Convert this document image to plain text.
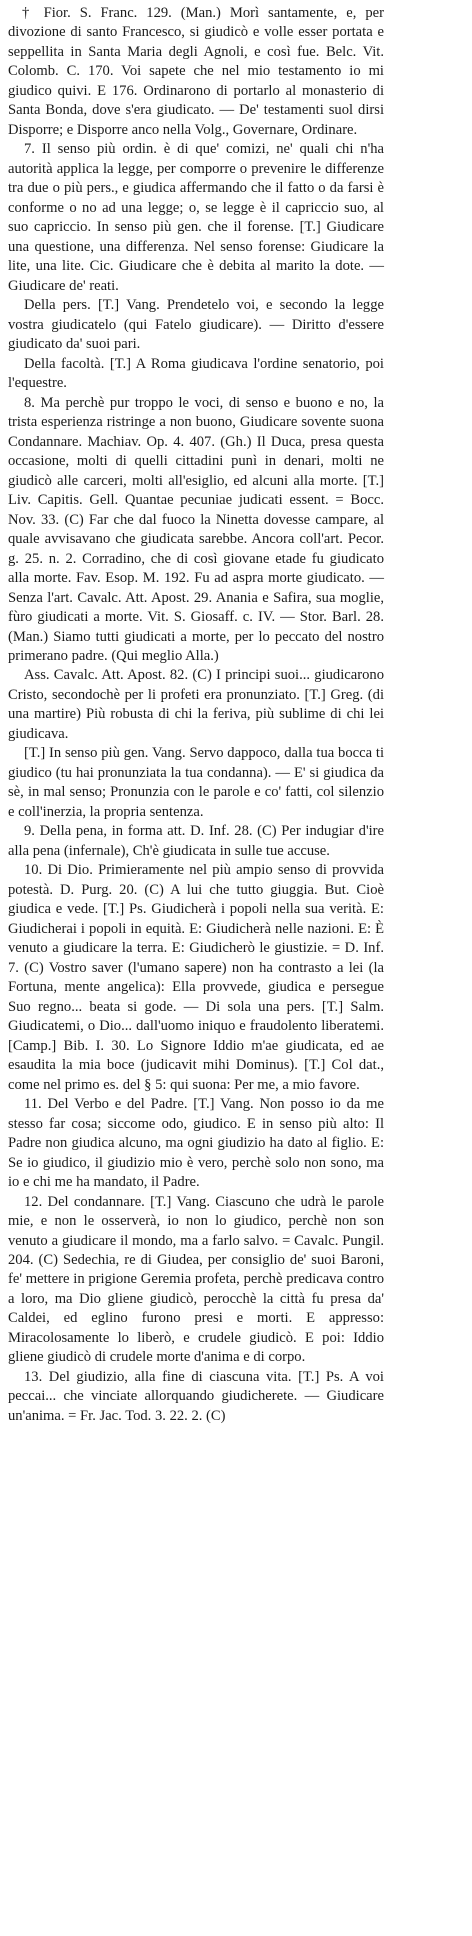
† Fior. S. Franc. 129. (Man.) Morì santamente, e, per divozione di santo Francesco, si giudicò e volle esser portata e seppellita in Santa Maria degli Agnoli, e così fue. Belc. Vit. Colomb. C. 170. Voi sapete che nel mio testamento io mi giudico quivi. E 176. Ordinarono di portarlo al monasterio di Santa Bonda, dove s'era giudicato. — De' testamenti suol dirsi Disporre; e Disporre anco nella Volg., Governare, Ordinare.

7. Il senso più ordin. è di que' comizi, ne' quali chi n'ha autorità applica la legge, per comporre o prevenire le differenze tra due o più pers., e giudica affermando che il fatto o da farsi è conforme o no ad una legge; o, se legge è il capriccio suo, al suo capriccio. In senso più gen. che il forense. [T.] Giudicare una questione, una differenza. Nel senso forense: Giudicare la lite, una lite. Cic. Giudicare che è debita al marito la dote. — Giudicare de' reati.

Della pers. [T.] Vang. Prendetelo voi, e secondo la legge vostra giudicatelo (qui Fatelo giudicare). — Diritto d'essere giudicato da' suoi pari.

Della facoltà. [T.] A Roma giudicava l'ordine senatorio, poi l'equestre.

8. Ma perchè pur troppo le voci, di senso e buono e no, la trista esperienza ristringe a non buono, Giudicare sovente suona Condannare. Machiav. Op. 4. 407. (Gh.) Il Duca, presa questa occasione, molti di quelli cittadini punì in denari, molti ne giudicò alle carceri, molti all'esiglio, ed alcuni alla morte. [T.] Liv. Capitis. Gell. Quantae pecuniae judicati essent. = Bocc. Nov. 33. (C) Far che dal fuoco la Ninetta dovesse campare, al quale avvisavano che giudicata sarebbe. Ancora coll'art. Pecor. g. 25. n. 2. Corradino, che di così giovane etade fu giudicato alla morte. Fav. Esop. M. 192. Fu ad aspra morte giudicato. — Senza l'art. Cavalc. Att. Apost. 29. Anania e Safira, sua moglie, fùro giudicati a morte. Vit. S. Giosaff. c. IV. — Stor. Barl. 28. (Man.) Siamo tutti giudicati a morte, per lo peccato del nostro primerano padre. (Qui meglio Alla.)

Ass. Cavalc. Att. Apost. 82. (C) I principi suoi... giudicarono Cristo, secondochè per li profeti era pronunziato. [T.] Greg. (di una martire) Più robusta di chi la feriva, più sublime di chi lei giudicava.

[T.] In senso più gen. Vang. Servo dappoco, dalla tua bocca ti giudico (tu hai pronunziata la tua condanna). — E' si giudica da sè, in mal senso; Pronunzia con le parole e co' fatti, col silenzio e coll'inerzia, la propria sentenza.

9. Della pena, in forma att. D. Inf. 28. (C) Per indugiar d'ire alla pena (infernale), Ch'è giudicata in sulle tue accuse.

10. Di Dio. Primieramente nel più ampio senso di provvida potestà. D. Purg. 20. (C) A lui che tutto giuggia. But. Cioè giudica e vede. [T.] Ps. Giudicherà i popoli nella sua verità. E: Giudicherai i popoli in equità. E: Giudicherà nelle nazioni. E: È venuto a giudicare la terra. E: Giudicherò le giustizie. = D. Inf. 7. (C) Vostro saver (l'umano sapere) non ha contrasto a lei (la Fortuna, mente angelica): Ella provvede, giudica e persegue Suo regno... beata si gode. — Di sola una pers. [T.] Salm. Giudicatemi, o Dio... dall'uomo iniquo e fraudolento liberatemi. [Camp.] Bib. I. 30. Lo Signore Iddio m'ae giudicata, ed ae esaudita la mia boce (judicavit mihi Dominus). [T.] Col dat., come nel primo es. del § 5: qui suona: Per me, a mio favore.

11. Del Verbo e del Padre. [T.] Vang. Non posso io da me stesso far cosa; siccome odo, giudico. E in senso più alto: Il Padre non giudica alcuno, ma ogni giudizio ha dato al figlio. E: Se io giudico, il giudizio mio è vero, perchè solo non sono, ma io e chi me ha mandato, il Padre.

12. Del condannare. [T.] Vang. Ciascuno che udrà le parole mie, e non le osserverà, io non lo giudico, perchè non son venuto a giudicare il mondo, ma a farlo salvo. = Cavalc. Pungil. 204. (C) Sedechia, re di Giudea, per consiglio de' suoi Baroni, fe' mettere in prigione Geremia profeta, perchè predicava contro a loro, ma Dio gliene giudicò, perocchè la città fu presa da' Caldei, ed eglino furono presi e morti. E appresso: Miracolosamente lo liberò, e crudele giudicò. E poi: Iddio gliene giudicò di crudele morte d'anima e di corpo.

13. Del giudizio, alla fine di ciascuna vita. [T.] Ps. A voi peccai... che vinciate allorquando giudicherete. — Giudicare un'anima. = Fr. Jac. Tod. 3. 22. 2. (C)
